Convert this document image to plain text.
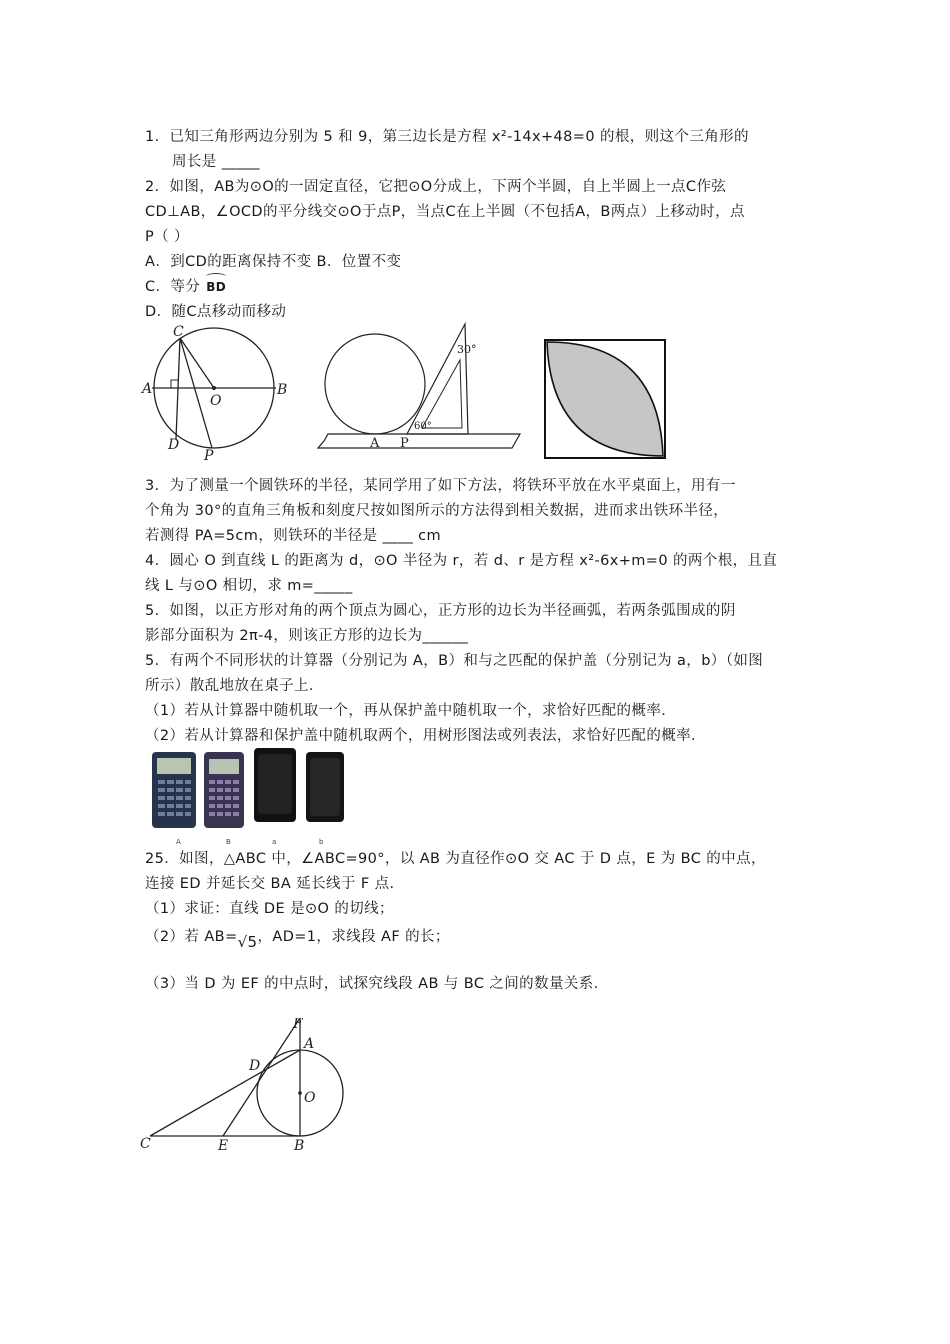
1．已知三角形两边分别为 5 和 9，第三边长是方程 x²-14x+48=0 的根，则这个三角形的
周长是 _____
2．如图，AB为⊙O的一固定直径，它把⊙O分成上，下两个半圆，自上半圆上一点C作弦
CD⊥AB，∠OCD的平分线交⊙O于点P，当点C在上半圆（不包括A，B两点）上移动时，点
P（ ）
A．到CD的距离保持不变 B．位置不变
C．等分 BD
D．随C点移动而移动
C
A
O
B
D
P
30°
60°
A P
3．为了测量一个圆铁环的半径，某同学用了如下方法，将铁环平放在水平桌面上，用有一
个角为 30°的直角三角板和刻度尺按如图所示的方法得到相关数据，进而求出铁环半径，
若测得 PA=5cm，则铁环的半径是 ____ cm
4．圆心 O 到直线 L 的距离为 d，⊙O 半径为 r，若 d、r 是方程 x²-6x+m=0 的两个根，且直
线 L 与⊙O 相切，求 m=_____
5．如图，以正方形对角的两个顶点为圆心，正方形的边长为半径画弧，若两条弧围成的阴
影部分面积为 2π-4，则该正方形的边长为______
5．有两个不同形状的计算器（分别记为 A，B）和与之匹配的保护盖（分别记为 a，b）（如图
所示）散乱地放在桌子上．
（1）若从计算器中随机取一个，再从保护盖中随机取一个，求恰好匹配的概率．
（2）若从计算器和保护盖中随机取两个，用树形图法或列表法，求恰好匹配的概率．
A	B	a	b
25．如图，△ABC 中，∠ABC=90°，以 AB 为直径作⊙O 交 AC 于 D 点，E 为 BC 的中点，
连接 ED 并延长交 BA 延长线于 F 点．
（1）求证：直线 DE 是⊙O 的切线；
（2）若 AB=√5，AD=1，求线段 AF 的长；
（3）当 D 为 EF 的中点时，试探究线段 AB 与 BC 之间的数量关系．
F
A
D
O
C	E	B
